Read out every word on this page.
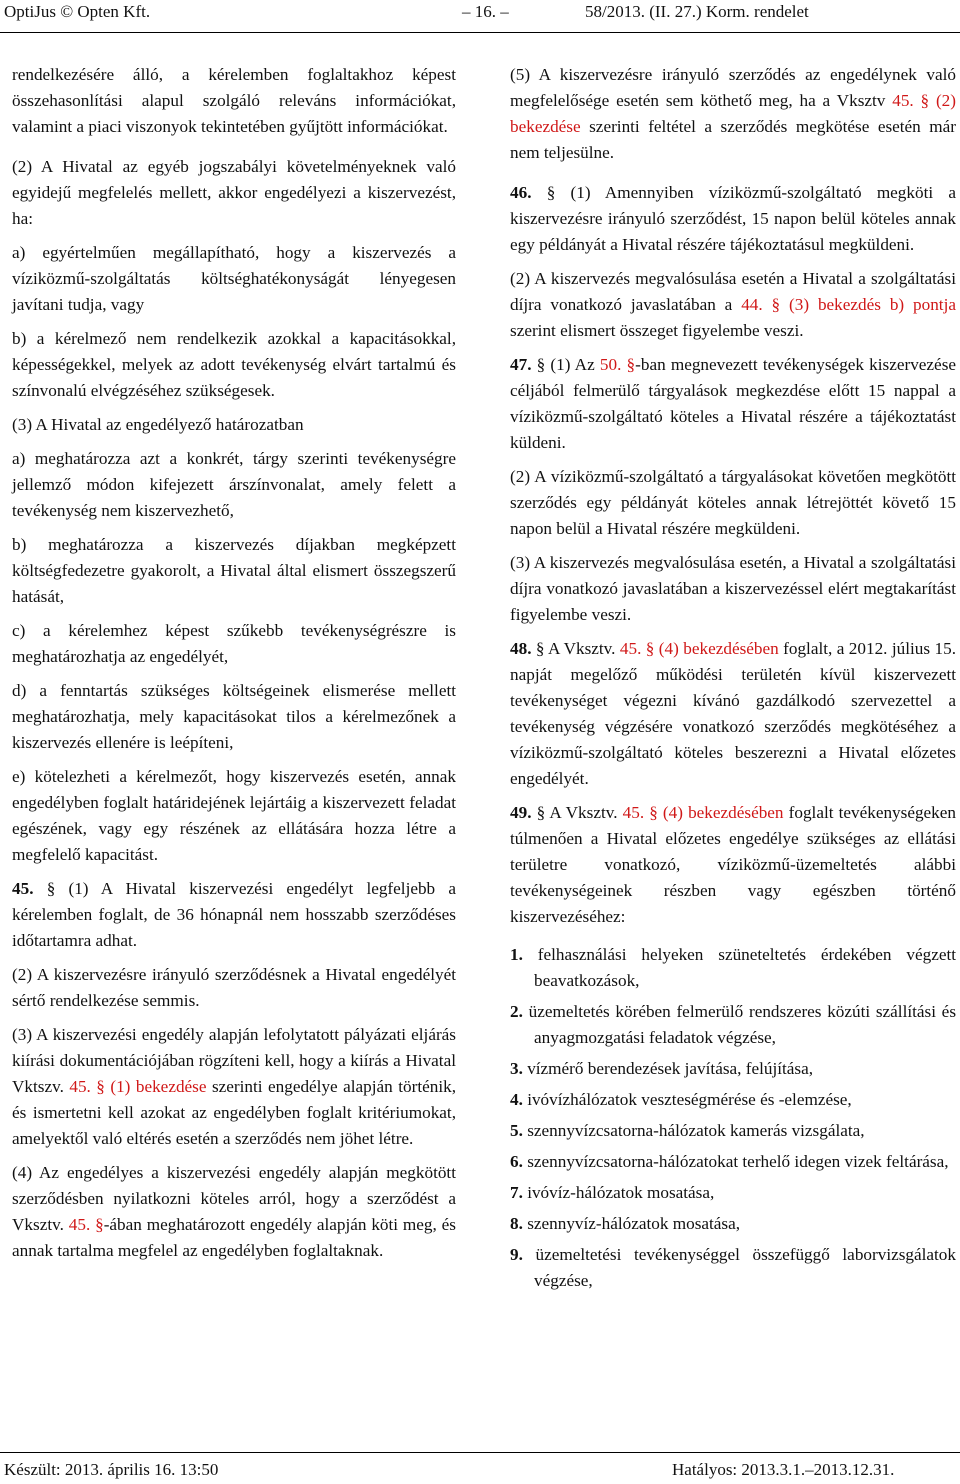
OptiJus © Opten Kft.	– 16. –	58/2013. (II. 27.) Korm. rendelet

rendelkezésére álló, a kérelemben foglaltakhoz képest összehasonlítási alapul szolgáló releváns információkat, valamint a piaci viszonyok tekintetében gyűjtött információkat.

(2) A Hivatal az egyéb jogszabályi követelményeknek való egyidejű megfelelés mellett, akkor engedélyezi a kiszervezést, ha:

a) egyértelműen megállapítható, hogy a kiszervezés a víziközmű-szolgáltatás költséghatékonyságát lényegesen javítani tudja, vagy

b) a kérelmező nem rendelkezik azokkal a kapacitásokkal, képességekkel, melyek az adott tevékenység elvárt tartalmú és színvonalú elvégzéséhez szükségesek.

(3) A Hivatal az engedélyező határozatban

a) meghatározza azt a konkrét, tárgy szerinti tevékenységre jellemző módon kifejezett árszínvonalat, amely felett a tevékenység nem kiszervezhető,

b) meghatározza a kiszervezés díjakban megképzett költségfedezetre gyakorolt, a Hivatal által elismert összegszerű hatását,

c) a kérelemhez képest szűkebb tevékenységrészre is meghatározhatja az engedélyét,

d) a fenntartás szükséges költségeinek elismerése mellett meghatározhatja, mely kapacitásokat tilos a kérelmezőnek a kiszervezés ellenére is leépíteni,

e) kötelezheti a kérelmezőt, hogy kiszervezés esetén, annak engedélyben foglalt határidejének lejártáig a kiszervezett feladat egészének, vagy egy részének az ellátására hozza létre a megfelelő kapacitást.

45. § (1) A Hivatal kiszervezési engedélyt legfeljebb a kérelemben foglalt, de 36 hónapnál nem hosszabb szerződéses időtartamra adhat.

(2) A kiszervezésre irányuló szerződésnek a Hivatal engedélyét sértő rendelkezése semmis.

(3) A kiszervezési engedély alapján lefolytatott pályázati eljárás kiírási dokumentációjában rögzíteni kell, hogy a kiírás a Hivatal Vktszv. 45. § (1) bekezdése szerinti engedélye alapján történik, és ismertetni kell azokat az engedélyben foglalt kritériumokat, amelyektől való eltérés esetén a szerződés nem jöhet létre.

(4) Az engedélyes a kiszervezési engedély alapján megkötött szerződésben nyilatkozni köteles arról, hogy a szerződést a Vksztv. 45. §-ában meghatározott engedély alapján köti meg, és annak tartalma megfelel az engedélyben foglaltaknak.

(5) A kiszervezésre irányuló szerződés az engedélynek való megfelelősége esetén sem köthető meg, ha a Vksztv 45. § (2) bekezdése szerinti feltétel a szerződés megkötése esetén már nem teljesülne.

46. § (1) Amennyiben víziközmű-szolgáltató megköti a kiszervezésre irányuló szerződést, 15 napon belül köteles annak egy példányát a Hivatal részére tájékoztatásul megküldeni.

(2) A kiszervezés megvalósulása esetén a Hivatal a szolgáltatási díjra vonatkozó javaslatában a 44. § (3) bekezdés b) pontja szerint elismert összeget figyelembe veszi.

47. § (1) Az 50. §-ban megnevezett tevékenységek kiszervezése céljából felmerülő tárgyalások megkezdése előtt 15 nappal a víziközmű-szolgáltató köteles a Hivatal részére a tájékoztatást küldeni.

(2) A víziközmű-szolgáltató a tárgyalásokat követően megkötött szerződés egy példányát köteles annak létrejöttét követő 15 napon belül a Hivatal részére megküldeni.

(3) A kiszervezés megvalósulása esetén, a Hivatal a szolgáltatási díjra vonatkozó javaslatában a kiszervezéssel elért megtakarítást figyelembe veszi.

48. § A Vksztv. 45. § (4) bekezdésében foglalt, a 2012. július 15. napját megelőző működési területén kívül kiszervezett tevékenységet végezni kívánó gazdálkodó szervezettel a tevékenység végzésére vonatkozó szerződés megkötéséhez a víziközmű-szolgáltató köteles beszerezni a Hivatal előzetes engedélyét.

49. § A Vksztv. 45. § (4) bekezdésében foglalt tevékenységeken túlmenően a Hivatal előzetes engedélye szükséges az ellátási területre vonatkozó, víziközmű-üzemeltetés alábbi tevékenységeinek részben vagy egészben történő kiszervezéséhez:

1. felhasználási helyeken szüneteltetés érdekében végzett beavatkozások,

2. üzemeltetés körében felmerülő rendszeres közúti szállítási és anyagmozgatási feladatok végzése,

3. vízmérő berendezések javítása, felújítása,

4. ivóvízhálózatok veszteségmérése és -elemzése,

5. szennyvízcsatorna-hálózatok kamerás vizsgálata,

6. szennyvízcsatorna-hálózatokat terhelő idegen vizek feltárása,

7. ivóvíz-hálózatok mosatása,

8. szennyvíz-hálózatok mosatása,

9. üzemeltetési tevékenységgel összefüggő laborvizsgálatok végzése,

Készült: 2013. április 16. 13:50	Hatályos: 2013.3.1.–2013.12.31.
